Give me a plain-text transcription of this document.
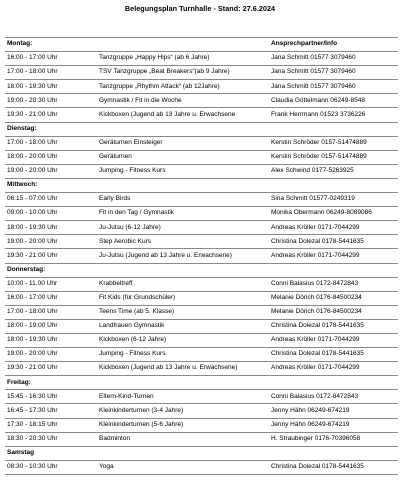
Belegungsplan Turnhalle - Stand: 27.6.2024
Montag:		Ansprechpartner/Info
16:00 - 17:00 Uhr	Tanzgruppe „Happy Hips“ (ab 6 Jahre)	Jana Schmitt 01577 3079460
17:00 - 18:00 Uhr	TSV Tanzgruppe „Beat Breakers“(ab 9 Jahre)	Jana Schmitt 01577 3079460
18:00 - 19:30 Uhr	Tanzgruppe „Rhythm Attack“ (ab 12Jahre)	Jana Schmitt 01577 3079460
19:00 - 20:30 Uhr	Gymnastik / Fit in die Woche	Claudia Göttelmann 06249-8548
19:30 - 21:00 Uhr	Kickboxen (Jugend ab 13 Jahre u. Erwachsene	Frank Herrmann 01523 3736226
Dienstag:		
17:00 - 18:00 Uhr	Geräturnen Einsteiger	Kerstin Schröder 0157-51474889
18:00 - 20:00 Uhr	Geräturnen	Kerstin Schröder 0157-51474889
19:00 - 20:00 Uhr	Jumping - Fitness Kurs	Alex Schwind 0177-5263925
Mittwoch:		
06:15 - 07:00 Uhr	Early Birds	Sina Schmitt 01577-0249319
09:00 - 10:00 Uhr	Fit in den Tag / Gymnastik	Monika Obermann 06249-8089086
18:00 - 19:30 Uhr	Ju-Jutsu (6-12 Jahre)	Andreas Kröller 0171-7044299
19:00 - 20:00 Uhr	Step Aerobic Kurs	Christina Dolezal 0178-5441635
19:30 - 21:00 Uhr	Ju-Jutsu (Jugend ab 13 Jahre u. Erwachsene)	Andreas Kröller 0171-7044299
Donnerstag:		
10:00 - 11.00 Uhr	Krabbeltreff	Conni Balasius 0172-8472843
16:00 - 17:00 Uhr	Fit Kids (für Grundschüler)	Melanie Dörich 0176-84500234
17:00 - 18:00 Uhr	Teens Time (ab 5. Klasse)	Melanie Dörich 0176-84500234
18:00 - 19:00 Uhr	Landfrauen Gymnastik	Christina Dolezal 0178-5441635
18:00 - 19:30 Uhr	Kickboxen (6-12 Jahre)	Andreas Kröller 0171-7044299
19:00 - 20:00 Uhr	Jumping - Fitness Kurs	Christina Dolezal 0178-5441635
19:30 - 21:00 Uhr	Kickboxen (Jugend ab 13 Jahre u. Erwachsene)	Andreas Kröller 0171-7044299
Freitag:		
15:45 - 16:30 Uhr	Eltern-Kind-Turnen	Conni Balasius 0172-8472843
16:45 - 17:30 Uhr	Kleinkinderturnen (3-4 Jahre)	Jenny Hähn 06249-674219
17:30 - 18:15 Uhr	Kleinkinderturnen (5-6 Jahre)	Jenny Hähn 06249-674219
18:30 - 20:30 Uhr	Badminton	H. Straubinger 0176-70396058
Samstag		
08:30 - 10:30 Uhr	Yoga	Christina Dolezal 0178-5441635
